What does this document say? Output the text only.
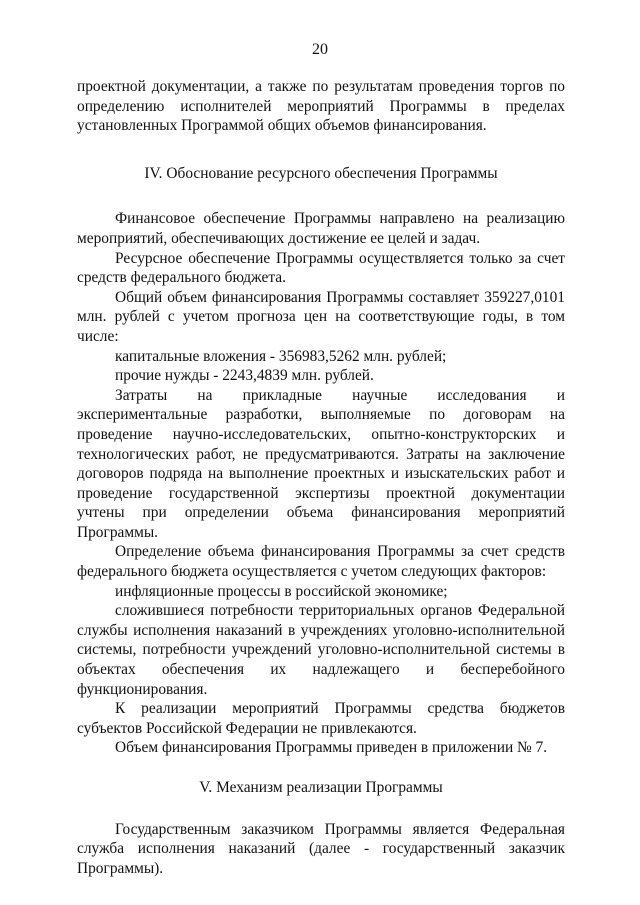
20

проектной документации, а также по результатам проведения торгов по определению исполнителей мероприятий Программы в пределах установленных Программой общих объемов финансирования.

IV. Обоснование ресурсного обеспечения Программы

Финансовое обеспечение Программы направлено на реализацию мероприятий, обеспечивающих достижение ее целей и задач.

Ресурсное обеспечение Программы осуществляется только за счет средств федерального бюджета.

Общий объем финансирования Программы составляет 359227,0101 млн. рублей с учетом прогноза цен на соответствующие годы, в том числе:

капитальные вложения - 356983,5262 млн. рублей;

прочие нужды - 2243,4839 млн. рублей.

Затраты на прикладные научные исследования и экспериментальные разработки, выполняемые по договорам на проведение научно-исследовательских, опытно-конструкторских и технологических работ, не предусматриваются. Затраты на заключение договоров подряда на выполнение проектных и изыскательских работ и проведение государственной экспертизы проектной документации учтены при определении объема финансирования мероприятий Программы.

Определение объема финансирования Программы за счет средств федерального бюджета осуществляется с учетом следующих факторов:

инфляционные процессы в российской экономике;

сложившиеся потребности территориальных органов Федеральной службы исполнения наказаний в учреждениях уголовно-исполнительной системы, потребности учреждений уголовно-исполнительной системы в объектах обеспечения их надлежащего и бесперебойного функционирования.

К реализации мероприятий Программы средства бюджетов субъектов Российской Федерации не привлекаются.

Объем финансирования Программы приведен в приложении № 7.

V. Механизм реализации Программы

Государственным заказчиком Программы является Федеральная служба исполнения наказаний (далее - государственный заказчик Программы).
